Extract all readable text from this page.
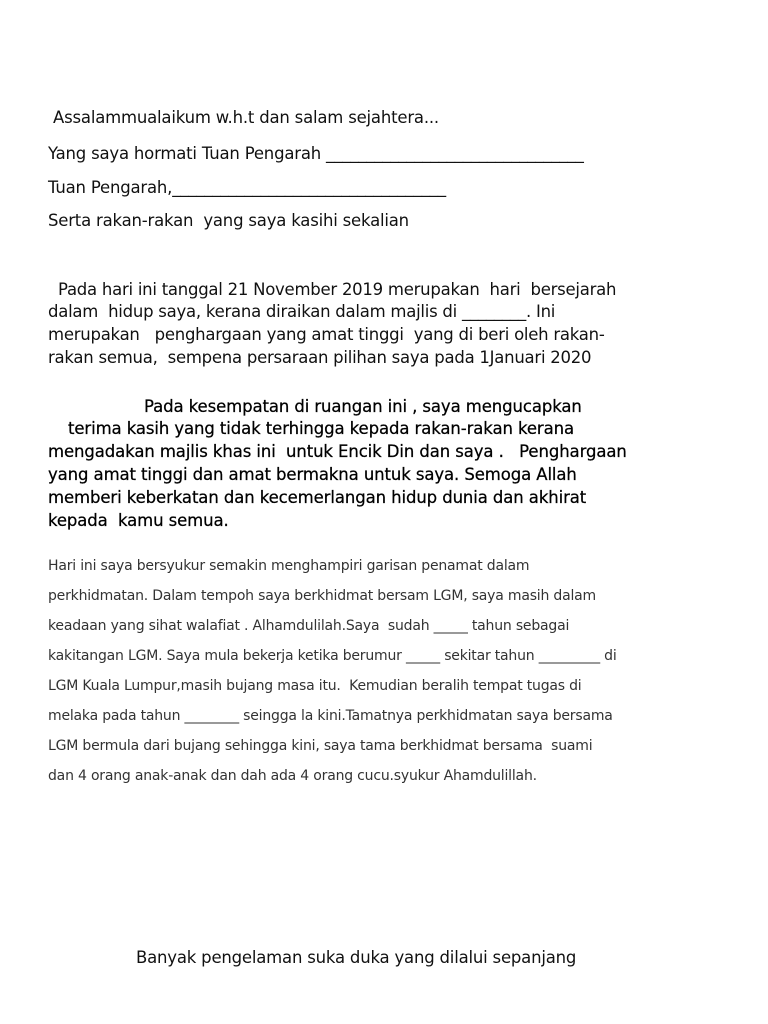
Assalammualaikum w.h.t dan salam sejahtera...

Yang saya hormati Tuan Pengarah ________________________________

Tuan Pengarah,__________________________________

Serta rakan-rakan  yang saya kasihi sekalian

Pada hari ini tanggal 21 November 2019 merupakan  hari  bersejarah

dalam  hidup saya, kerana diraikan dalam majlis di ________. Ini

merupakan   penghargaan yang amat tinggi  yang di beri oleh rakan-

rakan semua,  sempena persaraan pilihan saya pada 1Januari 2020

Pada kesempatan di ruangan ini , saya mengucapkan

terima kasih yang tidak terhingga kepada rakan-rakan kerana

mengadakan majlis khas ini  untuk Encik Din dan saya .   Penghargaan

yang amat tinggi dan amat bermakna untuk saya. Semoga Allah

memberi keberkatan dan kecemerlangan hidup dunia dan akhirat

kepada  kamu semua.

Hari ini saya bersyukur semakin menghampiri garisan penamat dalam

perkhidmatan. Dalam tempoh saya berkhidmat bersam LGM, saya masih dalam

keadaan yang sihat walafiat . Alhamdulilah.Saya  sudah _____ tahun sebagai

kakitangan LGM. Saya mula bekerja ketika berumur _____ sekitar tahun _________ di

LGM Kuala Lumpur,masih bujang masa itu.  Kemudian beralih tempat tugas di

melaka pada tahun ________ seingga la kini.Tamatnya perkhidmatan saya bersama

LGM bermula dari bujang sehingga kini, saya tama berkhidmat bersama  suami

dan 4 orang anak-anak dan dah ada 4 orang cucu.syukur Ahamdulillah.

Banyak pengelaman suka duka yang dilalui sepanjang
